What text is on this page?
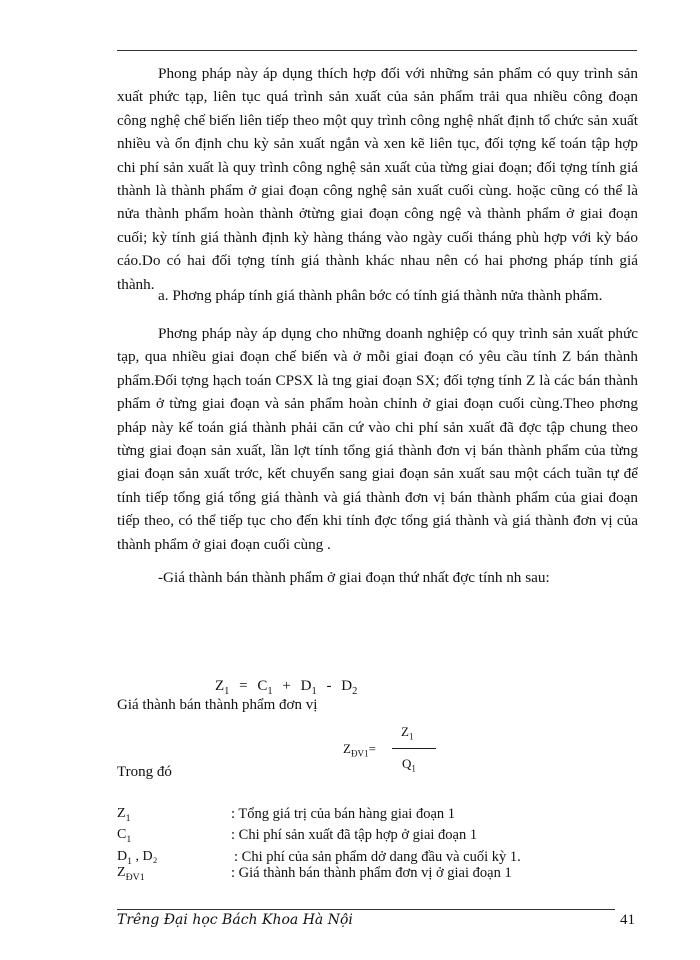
Phong pháp này áp dụng thích hợp đối với những sản phẩm có quy trình sản xuất phức tạp, liên tục quá trình sản xuất của sản phẩm trải qua nhiều công đoạn công nghệ chế biến liên tiếp theo một quy trình công nghệ nhất định tổ chức sản xuất nhiều và ổn định chu kỳ sản xuất ngắn và xen kẽ liên tục, đối tợng kế toán tập hợp chi phí sản xuất là quy trình công nghệ sản xuất của từng giai đoạn; đối tợng tính giá thành là thành phẩm ở giai đoạn công nghệ sản xuất cuối cùng. hoặc cũng có thể là nửa thành phẩm hoàn thành ởtừng giai đoạn công ngệ và thành phẩm ở giai đoạn cuối; kỳ tính giá thành định kỳ hàng tháng vào ngày cuối tháng phù hợp với kỳ báo cáo.Do có hai đối tợng tính giá thành khác nhau nên có hai phơng pháp tính giá thành.

a. Phơng pháp tính giá thành phân bớc có tính giá thành nửa thành phẩm.

Phơng pháp này áp dụng cho những doanh nghiệp có quy trình sản xuất phức tạp, qua nhiều giai đoạn chế biến và ở mỗi giai đoạn có yêu cầu tính Z bán thành phẩm.Đối tợng hạch toán CPSX là tng giai đoạn SX; đối tợng tính Z là các bán thành phẩm ở từng giai đoạn và sản phẩm hoàn chỉnh ở giai đoạn cuối cùng.Theo phơng pháp này kế toán giá thành phải căn cứ vào chi phí sản xuất đã đợc tập chung theo từng giai đoạn sản xuất, lần lợt tính tổng giá thành đơn vị bán thành phẩm của từng giai đoạn sản xuất trớc, kết chuyển sang giai đoạn sản xuất sau một cách tuần tự để tính tiếp tổng giá tổng giá thành và giá thành đơn vị bán thành phẩm của giai đoạn tiếp theo, có thể tiếp tục cho đến khi tính đợc tổng giá thành và giá thành đơn vị của thành phẩm ở giai đoạn cuối cùng .

-Giá thành bán thành phẩm ở giai đoạn thứ nhất đợc tính nh sau:

$Z_1 = C_1 + D_1 - D_2$
Giá thành bán thành phẩm đơn vị
$Z_{ĐV1}=$
$Z_1$
$Q_1$
Trong đó
$Z_1$	: Tổng giá trị của bán hàng giai đoạn 1
$C_1$	: Chi phí sản xuất đã tập hợp ở giai đoạn 1
$D_1$ , D₂	: Chi phí của sản phẩm dở dang đầu và cuối kỳ 1.
$Z_{ĐV1}$	: Giá thành bán thành phẩm đơn vị ở giai đoạn 1
Trêng Đại học Bách Khoa Hà Nội	41
